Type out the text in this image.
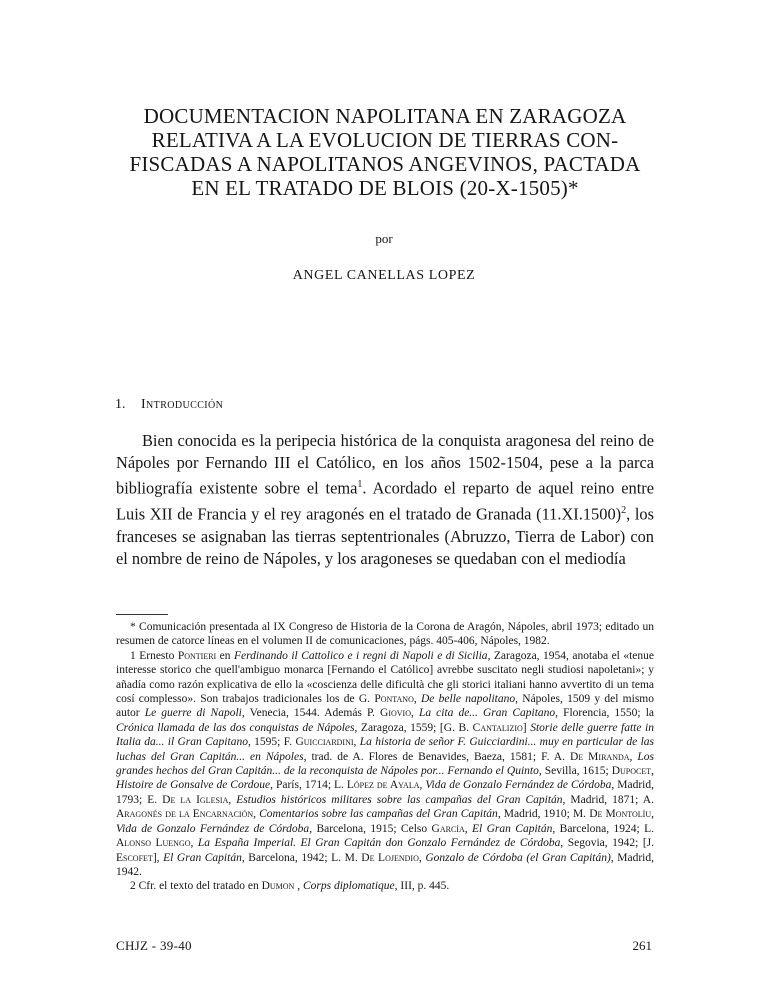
DOCUMENTACION NAPOLITANA EN ZARAGOZA
RELATIVA A LA EVOLUCION DE TIERRAS CON-
FISCADAS A NAPOLITANOS ANGEVINOS, PACTADA
EN EL TRATADO DE BLOIS (20-X-1505)*
por
ANGEL CANELLAS LOPEZ
1. Introducción

Bien conocida es la peripecia histórica de la conquista aragonesa del reino de Nápoles por Fernando III el Católico, en los años 1502-1504, pese a la parca bibliografía existente sobre el tema$^1$. Acordado el reparto de aquel reino entre Luis XII de Francia y el rey aragonés en el tratado de Granada $(11.XI.1500)^2$, los franceses se asignaban las tierras septentrionales (Abruzzo, Tierra de Labor) con el nombre de reino de Nápoles, y los aragoneses se quedaban con el mediodía

* Comunicación presentada al IX Congreso de Historia de la Corona de Aragón, Nápoles, abril 1973; editado un resumen de catorce líneas en el volumen II de comunicaciones, págs. 405-406, Nápoles, 1982.

1 Ernesto Pontieri en Ferdinando il Cattolico e i regni di Napoli e di Sicilia, Zaragoza, 1954, anotaba el «tenue interesse storico che quell'ambiguo monarca [Fernando el Católico] avrebbe suscitato negli studiosi napoletani»; y añadía como razón explicativa de ello la «coscienza delle dificultà che gli storici italiani hanno avvertito di un tema cosí complesso». Son trabajos tradicionales los de G. Pontano, De belle napolitano, Nápoles, 1509 y del mismo autor Le guerre di Napoli, Venecia, 1544. Además P. Giovio, La cita de... Gran Capitano, Florencia, 1550; la Crónica llamada de las dos conquistas de Nápoles, Zaragoza, 1559; [G. B. Cantalizio] Storie delle guerre fatte in Italia da... il Gran Capitano, 1595; F. Guicciardini, La historia de señor F. Guicciardini... muy en particular de las luchas del Gran Capitán... en Nápoles, trad. de A. Flores de Benavides, Baeza, 1581; F. A. De Miranda, Los grandes hechos del Gran Capitán... de la reconquista de Nápoles por... Fernando el Quinto, Sevilla, 1615; Dupocet, Histoire de Gonsalve de Cordoue, París, 1714; L. López de Ayala, Vida de Gonzalo Fernández de Córdoba, Madrid, 1793; E. De la Iglesia, Estudios históricos militares sobre las campañas del Gran Capitán, Madrid, 1871; A. Aragonés de la Encarnación, Comentarios sobre las campañas del Gran Capitán, Madrid, 1910; M. De Montolíu, Vida de Gonzalo Fernández de Córdoba, Barcelona, 1915; Celso García, El Gran Capitán, Barcelona, 1924; L. Alonso Luengo, La España Imperial. El Gran Capitán don Gonzalo Fernández de Córdoba, Segovia, 1942; [J. Escofet], El Gran Capitán, Barcelona, 1942; L. M. De Lojendio, Gonzalo de Córdoba (el Gran Capitán), Madrid, 1942.

2 Cfr. el texto del tratado en Dumon , Corps diplomatique, III, p. 445.

CHJZ - 39-40	261
